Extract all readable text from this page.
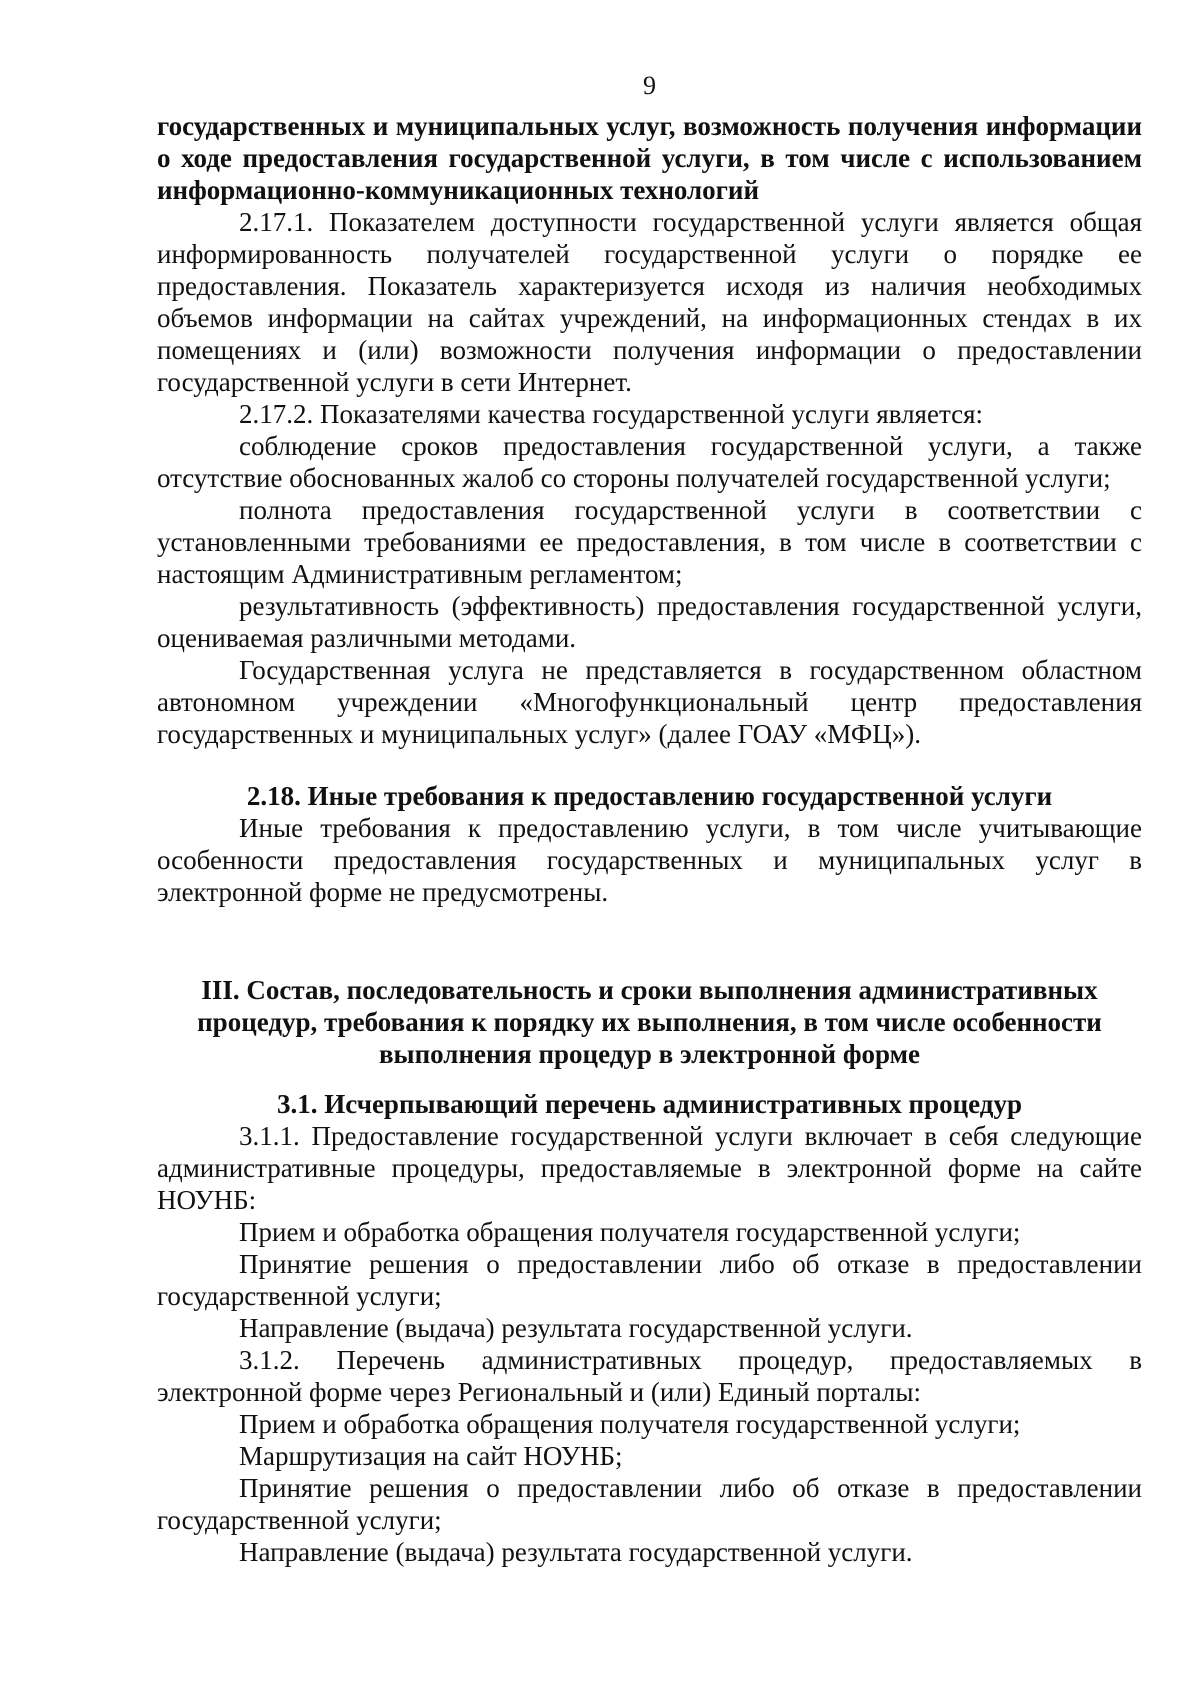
9

государственных и муниципальных услуг, возможность получения информации о ходе предоставления государственной услуги, в том числе с использованием информационно-коммуникационных технологий

2.17.1. Показателем доступности государственной услуги является общая информированность получателей государственной услуги о порядке ее предоставления. Показатель характеризуется исходя из наличия необходимых объемов информации на сайтах учреждений, на информационных стендах в их помещениях и (или) возможности получения информации о предоставлении государственной услуги в сети Интернет.

2.17.2. Показателями качества государственной услуги является:

соблюдение сроков предоставления государственной услуги, а также отсутствие обоснованных жалоб со стороны получателей государственной услуги;

полнота предоставления государственной услуги в соответствии с установленными требованиями ее предоставления, в том числе в соответствии с настоящим Административным регламентом;

результативность (эффективность) предоставления государственной услуги, оцениваемая различными методами.

Государственная услуга не представляется в государственном областном автономном учреждении «Многофункциональный центр предоставления государственных и муниципальных услуг» (далее ГОАУ «МФЦ»).

2.18. Иные требования к предоставлению государственной услуги

Иные требования к предоставлению услуги, в том числе учитывающие особенности предоставления государственных и муниципальных услуг в электронной форме не предусмотрены.

III. Состав, последовательность и сроки выполнения административных процедур, требования к порядку их выполнения, в том числе особенности выполнения процедур в электронной форме

3.1. Исчерпывающий перечень административных процедур

3.1.1. Предоставление государственной услуги включает в себя следующие административные процедуры, предоставляемые в электронной форме на сайте НОУНБ:

Прием и обработка обращения получателя государственной услуги;

Принятие решения о предоставлении либо об отказе в предоставлении государственной услуги;

Направление (выдача) результата государственной услуги.

3.1.2. Перечень административных процедур, предоставляемых в электронной форме через Региональный и (или) Единый порталы:

Прием и обработка обращения получателя государственной услуги;

Маршрутизация на сайт НОУНБ;

Принятие решения о предоставлении либо об отказе в предоставлении государственной услуги;

Направление (выдача) результата государственной услуги.
